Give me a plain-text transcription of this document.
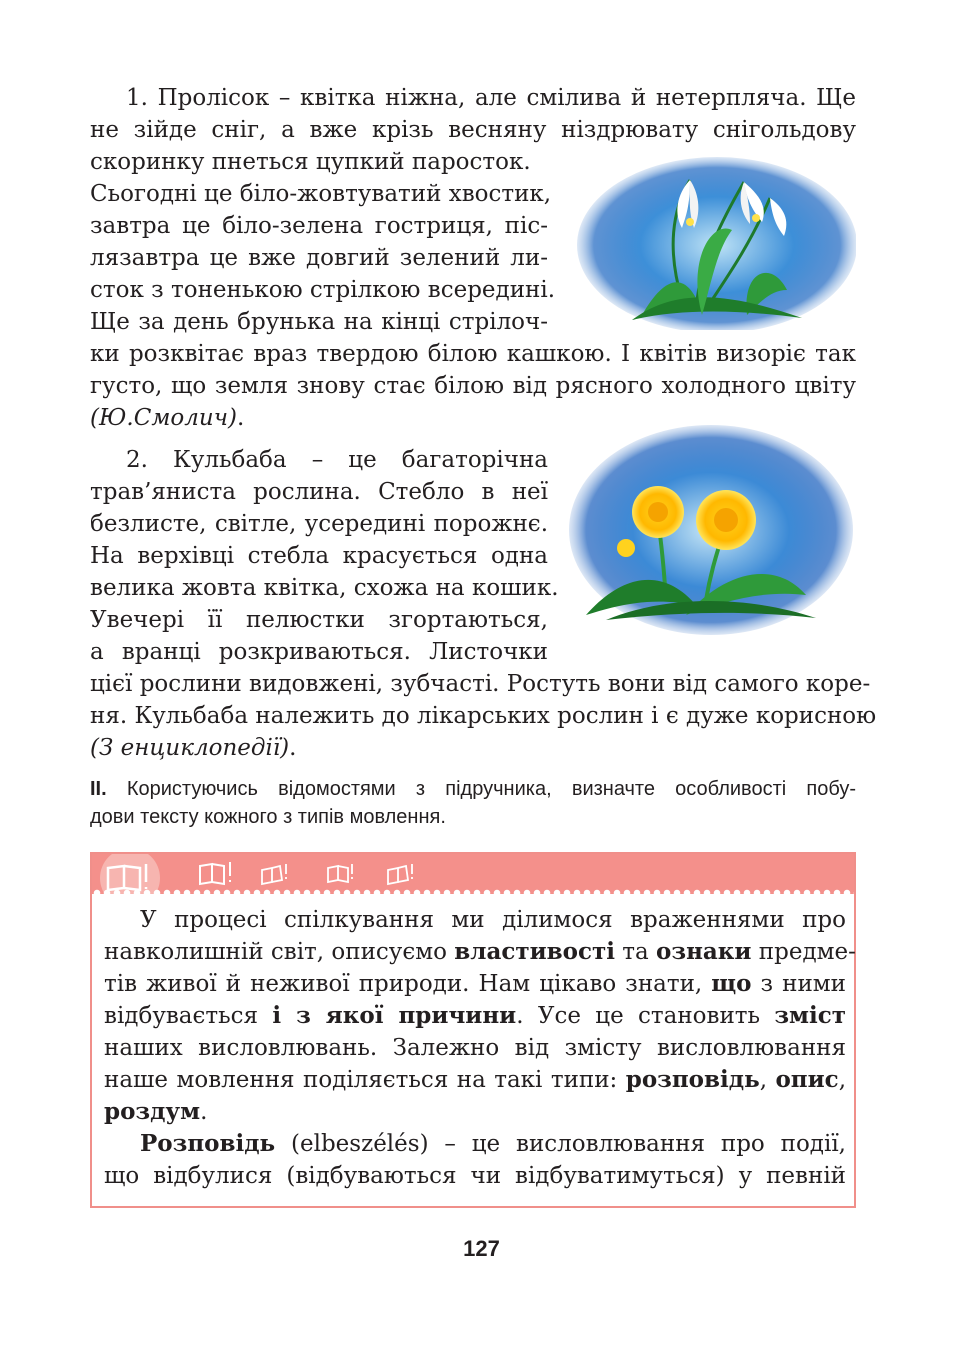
1. Пролісок – квітка ніжна, але смілива й нетерпляча. Ще
не зійде сніг, а вже крізь весняну ніздрювату снігольдову
скоринку пнеться цупкий паросток.
Сьогодні це біло-жовтуватий хвостик,
завтра це біло-зелена гостриця, піс-
лязавтра це вже довгий зелений ли-
сток з тоненькою стрілкою всередині.
Ще за день брунька на кінці стрілоч-
ки розквітає враз твердою білою кашкою. І квітів визоріє так
густо, що земля знову стає білою від рясного холодного цвіту
(Ю.Смолич).
2. Кульбаба – це багаторічна
трав’яниста рослина. Стебло в неї
безлисте, світле, усередині порожнє.
На верхівці стебла красується одна
велика жовта квітка, схожа на кошик.
Увечері її пелюстки згортаються,
а вранці розкриваються. Листочки
цієї рослини видовжені, зубчасті. Ростуть вони від самого коре-
ня. Кульбаба належить до лікарських рослин і є дуже корисною
(З енциклопедії).
II. Користуючись відомостями з підручника, визначте особливості побу-
дови тексту кожного з типів мовлення.
У процесі спілкування ми ділимося враженнями про
навколишній світ, описуємо властивості та ознаки предме-
тів живої й неживої природи. Нам цікаво знати, що з ними
відбувається і з якої причини. Усе це становить зміст
наших висловлювань. Залежно від змісту висловлювання
наше мовлення поділяється на такі типи: розповідь, опис,
роздум.
Розповідь (elbeszélés) – це висловлювання про події,
що відбулися (відбуваються чи відбуватимуться) у певній
127
